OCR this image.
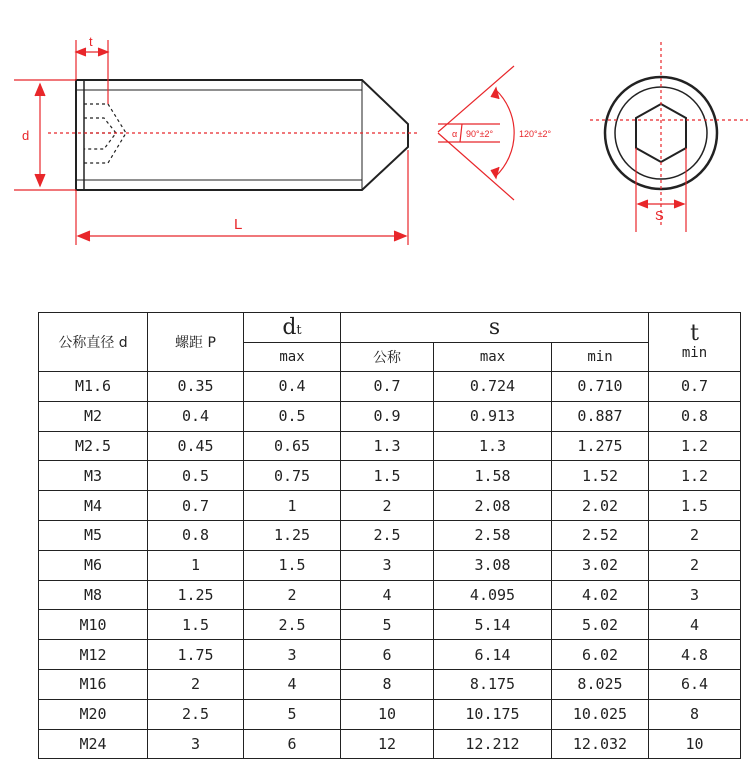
d
t
L
α 90°±2°	120°±2°
S
公称直径 d	螺距 P	dt	s			t
min

		max	公称	max	min	
M1.6	0.35	0.4	0.7	0.724	0.710	0.7
M2	0.4	0.5	0.9	0.913	0.887	0.8
M2.5	0.45	0.65	1.3	1.3	1.275	1.2
M3	0.5	0.75	1.5	1.58	1.52	1.2
M4	0.7	1	2	2.08	2.02	1.5
M5	0.8	1.25	2.5	2.58	2.52	2
M6	1	1.5	3	3.08	3.02	2
M8	1.25	2	4	4.095	4.02	3
M10	1.5	2.5	5	5.14	5.02	4
M12	1.75	3	6	6.14	6.02	4.8
M16	2	4	8	8.175	8.025	6.4
M20	2.5	5	10	10.175	10.025	8
M24	3	6	12	12.212	12.032	10
